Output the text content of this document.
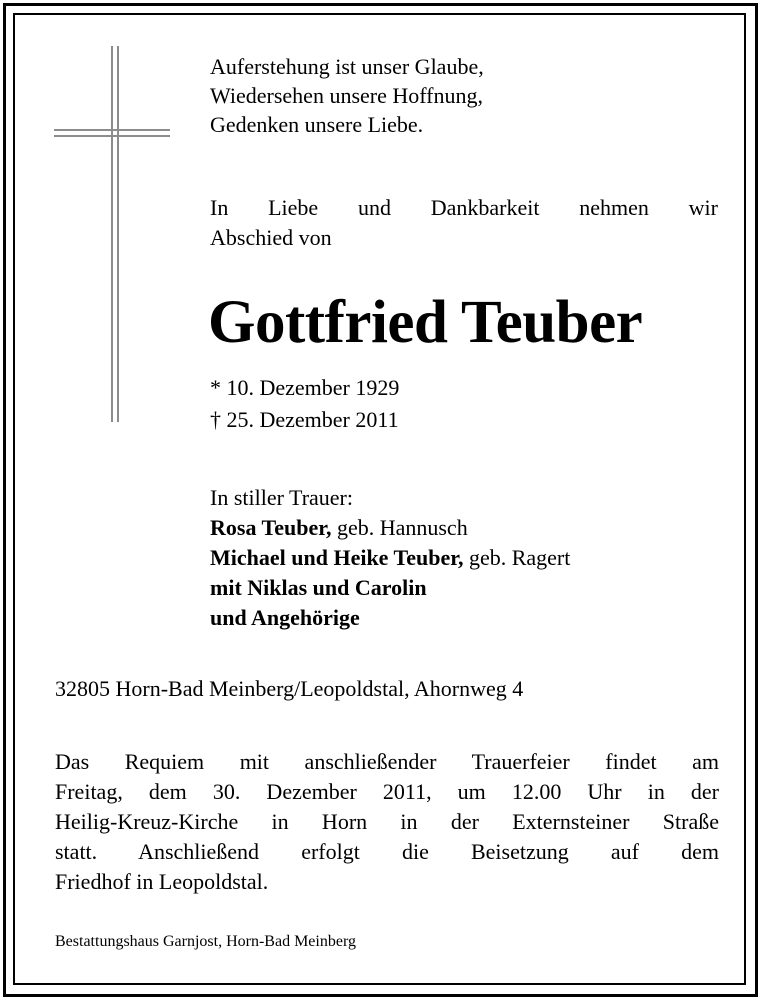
Auferstehung ist unser Glaube,
Wiedersehen unsere Hoffnung,
Gedenken unsere Liebe.

In Liebe und Dankbarkeit nehmen wir
Abschied von

Gottfried Teuber

* 10. Dezember 1929
† 25. Dezember 2011

In stiller Trauer:
Rosa Teuber, geb. Hannusch
Michael und Heike Teuber, geb. Ragert
mit Niklas und Carolin
und Angehörige

32805 Horn-Bad Meinberg/Leopoldstal, Ahornweg 4

Das Requiem mit anschließender Trauerfeier findet am
Freitag, dem 30. Dezember 2011, um 12.00 Uhr in der
Heilig-Kreuz-Kirche in Horn in der Externsteiner Straße
statt. Anschließend erfolgt die Beisetzung auf dem
Friedhof in Leopoldstal.

Bestattungshaus Garnjost, Horn-Bad Meinberg
